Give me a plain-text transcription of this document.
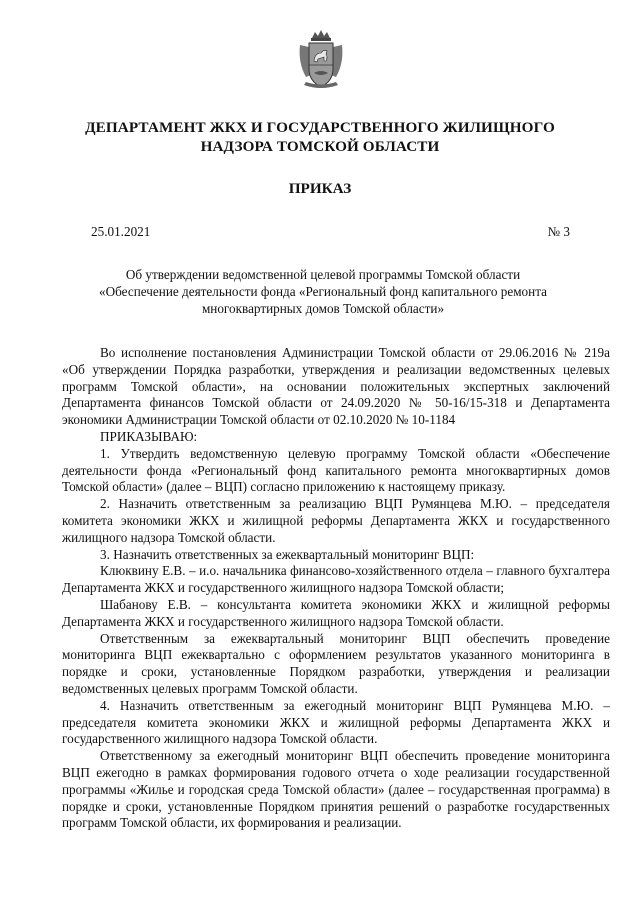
ДЕПАРТАМЕНТ ЖКХ И ГОСУДАРСТВЕННОГО ЖИЛИЩНОГО
НАДЗОРА ТОМСКОЙ ОБЛАСТИ
ПРИКАЗ
25.01.2021	№ 3
Об утверждении ведомственной целевой программы Томской области
«Обеспечение деятельности фонда «Региональный фонд капитального ремонта
многоквартирных домов Томской области»

Во исполнение постановления Администрации Томской области от 29.06.2016 № 219а «Об утверждении Порядка разработки, утверждения и реализации ведомственных целевых программ Томской области», на основании положительных экспертных заключений Департамента финансов Томской области от 24.09.2020 № 50-16/15-318 и Департамента экономики Администрации Томской области от 02.10.2020 № 10-1184

ПРИКАЗЫВАЮ:

1. Утвердить ведомственную целевую программу Томской области «Обеспечение деятельности фонда «Региональный фонд капитального ремонта многоквартирных домов Томской области» (далее – ВЦП) согласно приложению к настоящему приказу.

2. Назначить ответственным за реализацию ВЦП Румянцева М.Ю. – председателя комитета экономики ЖКХ и жилищной реформы Департамента ЖКХ и государственного жилищного надзора Томской области.

3. Назначить ответственных за ежеквартальный мониторинг ВЦП:

Клюквину Е.В. – и.о. начальника финансово-хозяйственного отдела – главного бухгалтера Департамента ЖКХ и государственного жилищного надзора Томской области;

Шабанову Е.В. – консультанта комитета экономики ЖКХ и жилищной реформы Департамента ЖКХ и государственного жилищного надзора Томской области.

Ответственным за ежеквартальный мониторинг ВЦП обеспечить проведение мониторинга ВЦП ежеквартально с оформлением результатов указанного мониторинга в порядке и сроки, установленные Порядком разработки, утверждения и реализации ведомственных целевых программ Томской области.

4. Назначить ответственным за ежегодный мониторинг ВЦП Румянцева М.Ю. – председателя комитета экономики ЖКХ и жилищной реформы Департамента ЖКХ и государственного жилищного надзора Томской области.

Ответственному за ежегодный мониторинг ВЦП обеспечить проведение мониторинга ВЦП ежегодно в рамках формирования годового отчета о ходе реализации государственной программы «Жилье и городская среда Томской области» (далее – государственная программа) в порядке и сроки, установленные Порядком принятия решений о разработке государственных программ Томской области, их формирования и реализации.
